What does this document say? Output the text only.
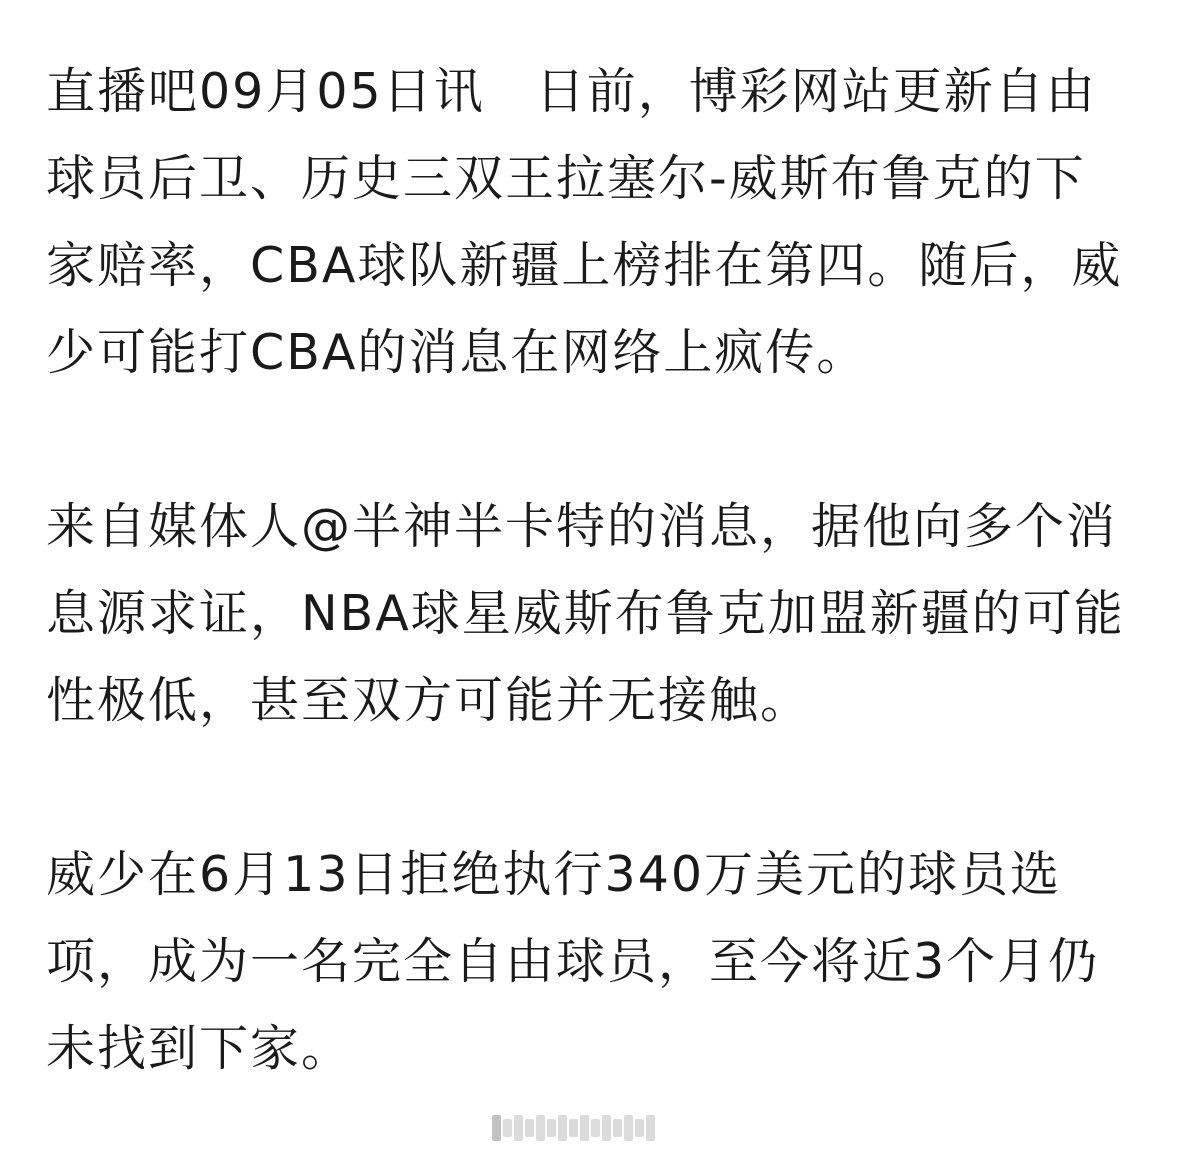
直播吧09月05日讯　日前，博彩网站更新自由球员后卫、历史三双王拉塞尔-威斯布鲁克的下家赔率，CBA球队新疆上榜排在第四。随后，威少可能打CBA的消息在网络上疯传。

来自媒体人@半神半卡特的消息，据他向多个消息源求证，NBA球星威斯布鲁克加盟新疆的可能性极低，甚至双方可能并无接触。

威少在6月13日拒绝执行340万美元的球员选项，成为一名完全自由球员，至今将近3个月仍未找到下家。
